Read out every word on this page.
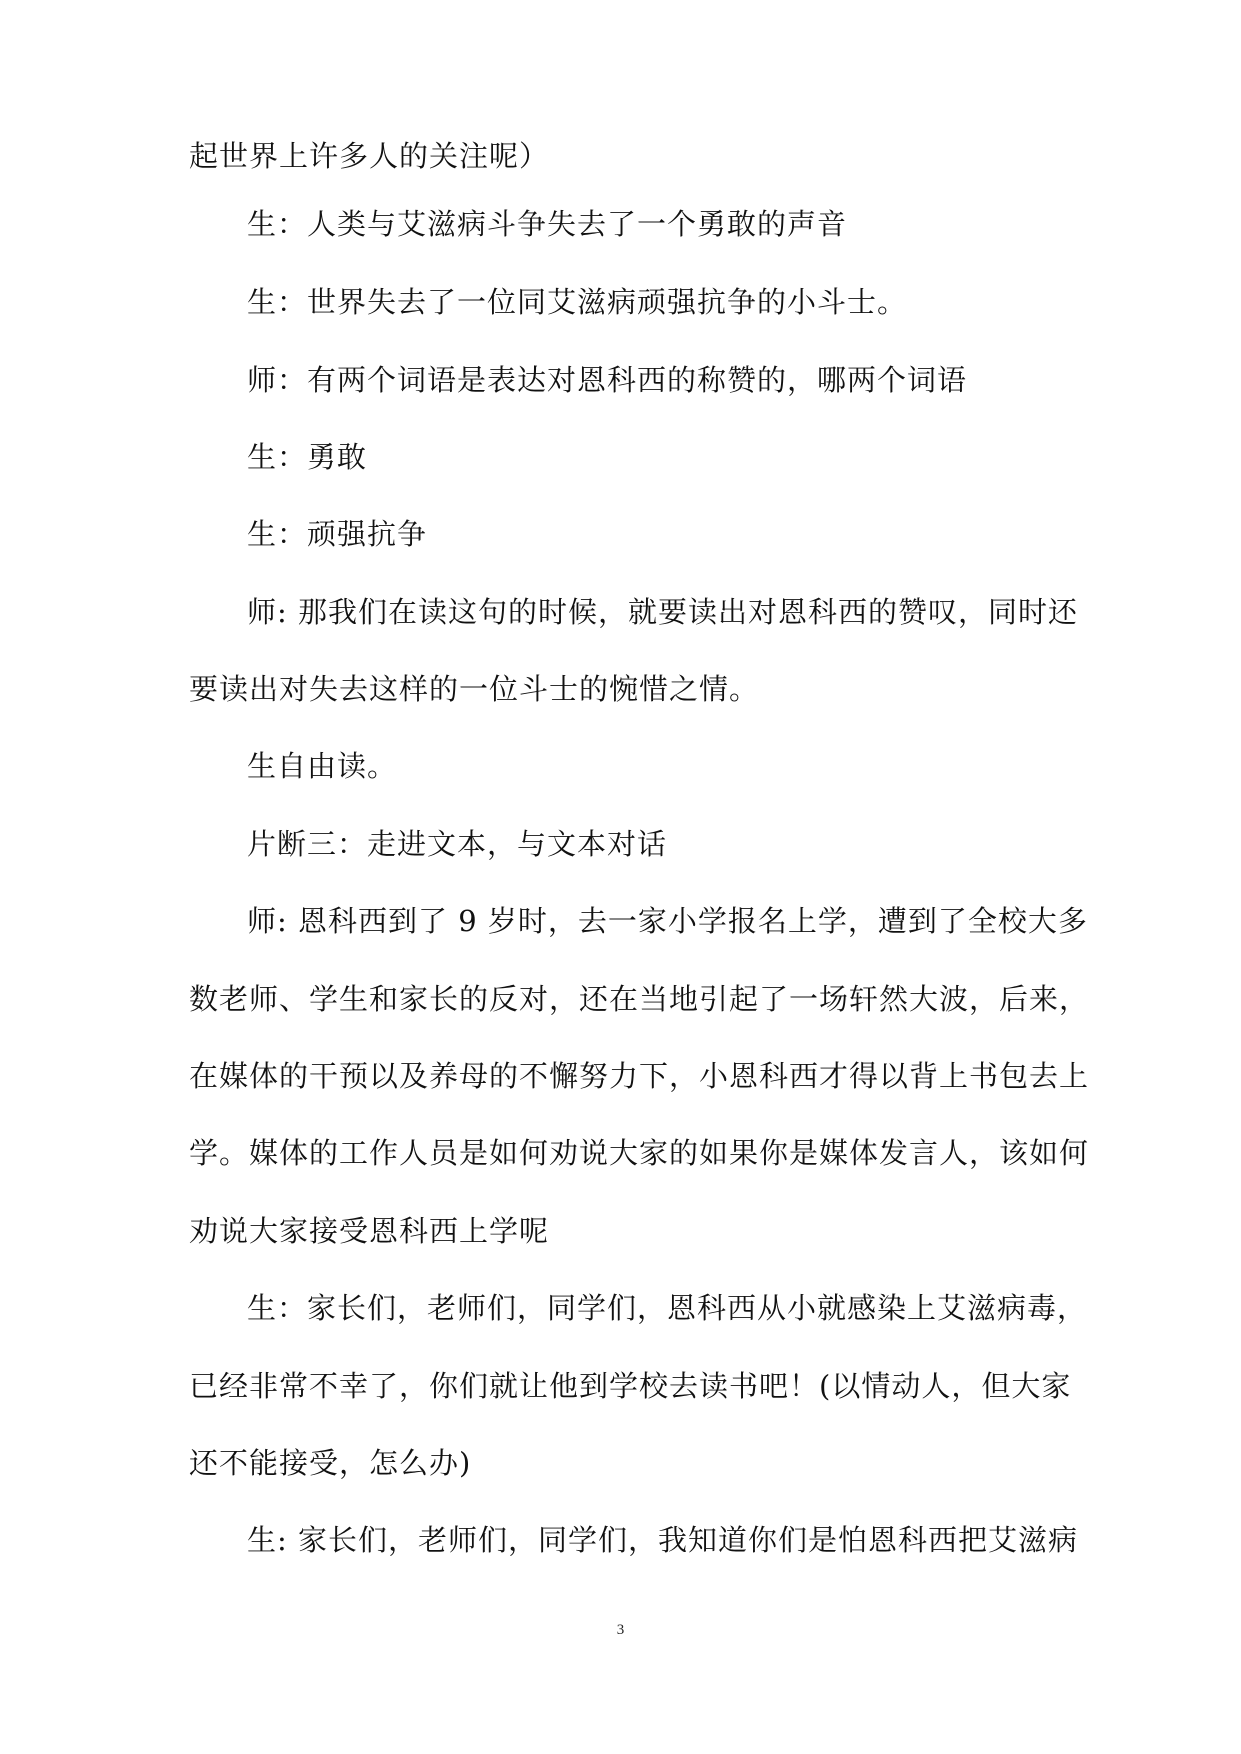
起世界上许多人的关注呢）
生：人类与艾滋病斗争失去了一个勇敢的声音
生：世界失去了一位同艾滋病顽强抗争的小斗士。
师：有两个词语是表达对恩科西的称赞的，哪两个词语
生：勇敢
生：顽强抗争
师: 那我们在读这句的时候，就要读出对恩科西的赞叹，同时还
要读出对失去这样的一位斗士的惋惜之情。
生自由读。
片断三：走进文本，与文本对话
师: 恩科西到了 9 岁时，去一家小学报名上学，遭到了全校大多
数老师、学生和家长的反对，还在当地引起了一场轩然大波，后来，
在媒体的干预以及养母的不懈努力下，小恩科西才得以背上书包去上
学。媒体的工作人员是如何劝说大家的如果你是媒体发言人，该如何
劝说大家接受恩科西上学呢
生：家长们，老师们，同学们，恩科西从小就感染上艾滋病毒，
已经非常不幸了，你们就让他到学校去读书吧！(以情动人，但大家
还不能接受，怎么办)
生: 家长们，老师们，同学们，我知道你们是怕恩科西把艾滋病
3
